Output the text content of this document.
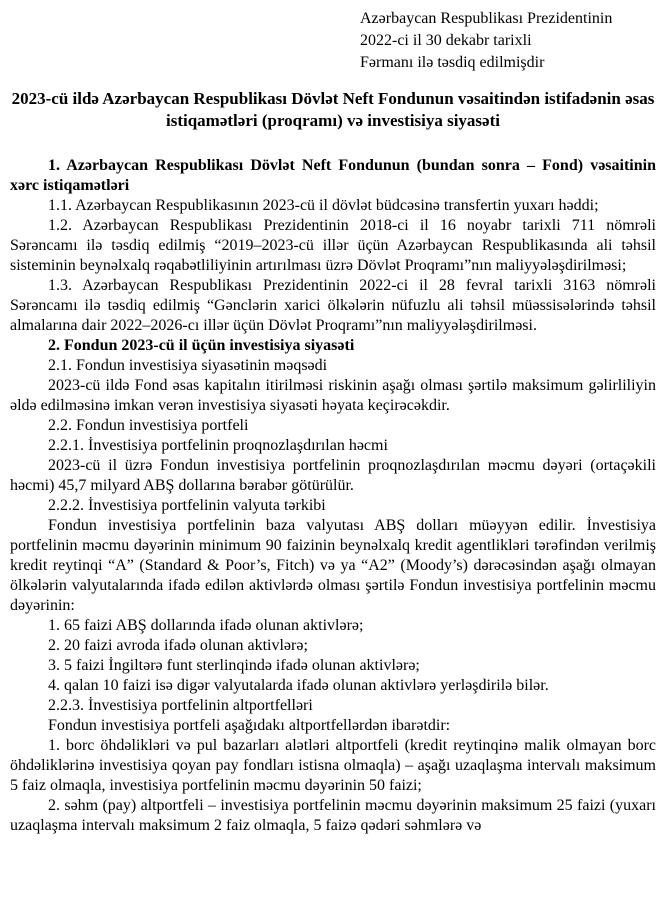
Azərbaycan Respublikası Prezidentinin
2022-ci il 30 dekabr tarixli
Fərmanı ilə təsdiq edilmişdir
2023-cü ildə Azərbaycan Respublikası Dövlət Neft Fondunun vəsaitindən istifadənin əsas istiqamətləri (proqramı) və investisiya siyasəti

1. Azərbaycan Respublikası Dövlət Neft Fondunun (bundan sonra – Fond) vəsaitinin xərc istiqamətləri

1.1. Azərbaycan Respublikasının 2023-cü il dövlət büdcəsinə transfertin yuxarı həddi;

1.2. Azərbaycan Respublikası Prezidentinin 2018-ci il 16 noyabr tarixli 711 nömrəli Sərəncamı ilə təsdiq edilmiş “2019–2023-cü illər üçün Azərbaycan Respublikasında ali təhsil sisteminin beynəlxalq rəqabətliliyinin artırılması üzrə Dövlət Proqramı”nın maliyyələşdirilməsi;

1.3. Azərbaycan Respublikası Prezidentinin 2022-ci il 28 fevral tarixli 3163 nömrəli Sərəncamı ilə təsdiq edilmiş “Gənclərin xarici ölkələrin nüfuzlu ali təhsil müəssisələrində təhsil almalarına dair 2022–2026-cı illər üçün Dövlət Proqramı”nın maliyyələşdirilməsi.

2. Fondun 2023-cü il üçün investisiya siyasəti

2.1. Fondun investisiya siyasətinin məqsədi

2023-cü ildə Fond əsas kapitalın itirilməsi riskinin aşağı olması şərtilə maksimum gəlirliliyin əldə edilməsinə imkan verən investisiya siyasəti həyata keçirəcəkdir.

2.2. Fondun investisiya portfeli

2.2.1. İnvestisiya portfelinin proqnozlaşdırılan həcmi

2023-cü il üzrə Fondun investisiya portfelinin proqnozlaşdırılan məcmu dəyəri (ortaçəkili həcmi) 45,7 milyard ABŞ dollarına bərabər götürülür.

2.2.2. İnvestisiya portfelinin valyuta tərkibi

Fondun investisiya portfelinin baza valyutası ABŞ dolları müəyyən edilir. İnvestisiya portfelinin məcmu dəyərinin minimum 90 faizinin beynəlxalq kredit agentlikləri tərəfindən verilmiş kredit reytinqi “A” (Standard & Poor’s, Fitch) və ya “A2” (Moody’s) dərəcəsindən aşağı olmayan ölkələrin valyutalarında ifadə edilən aktivlərdə olması şərtilə Fondun investisiya portfelinin məcmu dəyərinin:

1. 65 faizi ABŞ dollarında ifadə olunan aktivlərə;

2. 20 faizi avroda ifadə olunan aktivlərə;

3. 5 faizi İngiltərə funt sterlinqində ifadə olunan aktivlərə;

4. qalan 10 faizi isə digər valyutalarda ifadə olunan aktivlərə yerləşdirilə bilər.

2.2.3. İnvestisiya portfelinin altportfelləri

Fondun investisiya portfeli aşağıdakı altportfellərdən ibarətdir:

1. borc öhdəlikləri və pul bazarları alətləri altportfeli (kredit reytinqinə malik olmayan borc öhdəliklərinə investisiya qoyan pay fondları istisna olmaqla) – aşağı uzaqlaşma intervalı maksimum 5 faiz olmaqla, investisiya portfelinin məcmu dəyərinin 50 faizi;

2. səhm (pay) altportfeli – investisiya portfelinin məcmu dəyərinin maksimum 25 faizi (yuxarı uzaqlaşma intervalı maksimum 2 faiz olmaqla, 5 faizə qədəri səhmlərə və
